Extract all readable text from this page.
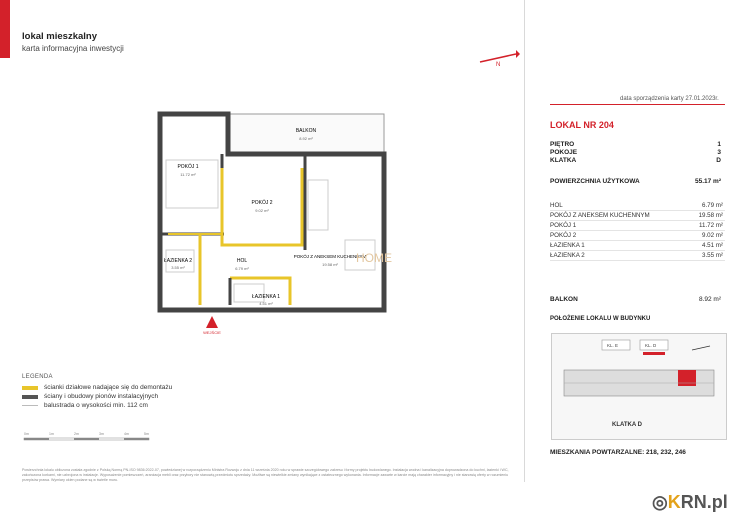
lokal mieszkalny
karta informacyjna inwestycji
N
BALKON
8.92 m²
POKÓJ 1
11.72 m²
POKÓJ 2
9.02 m²
POKÓJ Z ANEKSEM KUCHENNYM
19.58 m²
HOL
6.79 m²
ŁAZIENKA 1
4.51 m²
ŁAZIENKA 2
3.55 m²
HOME
WEJŚCIE
LEGENDA
ścianki działowe nadające się do demontażu
ściany i obudowy pionów instalacyjnych
balustrada o wysokości min. 112 cm
0m	1m	2m	3m	4m	5m
Powierzchnia lokalu obliczona została zgodnie z Polską Normą PN-ISO 9836:2022-07, powiedzianej w rozporządzeniu Ministra Rozwoju z dnia 11 września 2020 roku w sprawie szczegółowego zakresu i formy projektu budowlanego. Instalacja wodna i kanalizacyjna doprowadzona do kuchni, łazienki i WC, zakończona korkami, nie uzbrojona w instalacje. Wyposażenie pomieszczeń, aranżacja mebli oraz przybory nie stanowią przedmiotu sprzedaży. Możliwe są niewielkie zmiany wynikające z ostatecznego wykonania. Informacje zawarte w karcie mają charakter informacyjny i nie stanowią oferty w rozumieniu przepisów prawa. Wymiary okien podane są w świetle muru.
data sporządzenia karty 27.01.2023r.
LOKAL NR 204
PIĘTRO	1
POKOJE	3
KLATKA	D
POWIERZCHNIA UŻYTKOWA	55.17 m²
HOL	6.79 m²
POKÓJ Z ANEKSEM KUCHENNYM	19.58 m²
POKÓJ 1	11.72 m²
POKÓJ 2	9.02 m²
ŁAZIENKA 1	4.51 m²
ŁAZIENKA 2	3.55 m²
BALKON	8.92 m²
POŁOŻENIE LOKALU W BUDYNKU
KL. E	KL. D
KLATKA D
MIESZKANIA POWTARZALNE: 218, 232, 246
◎KRN.pl
